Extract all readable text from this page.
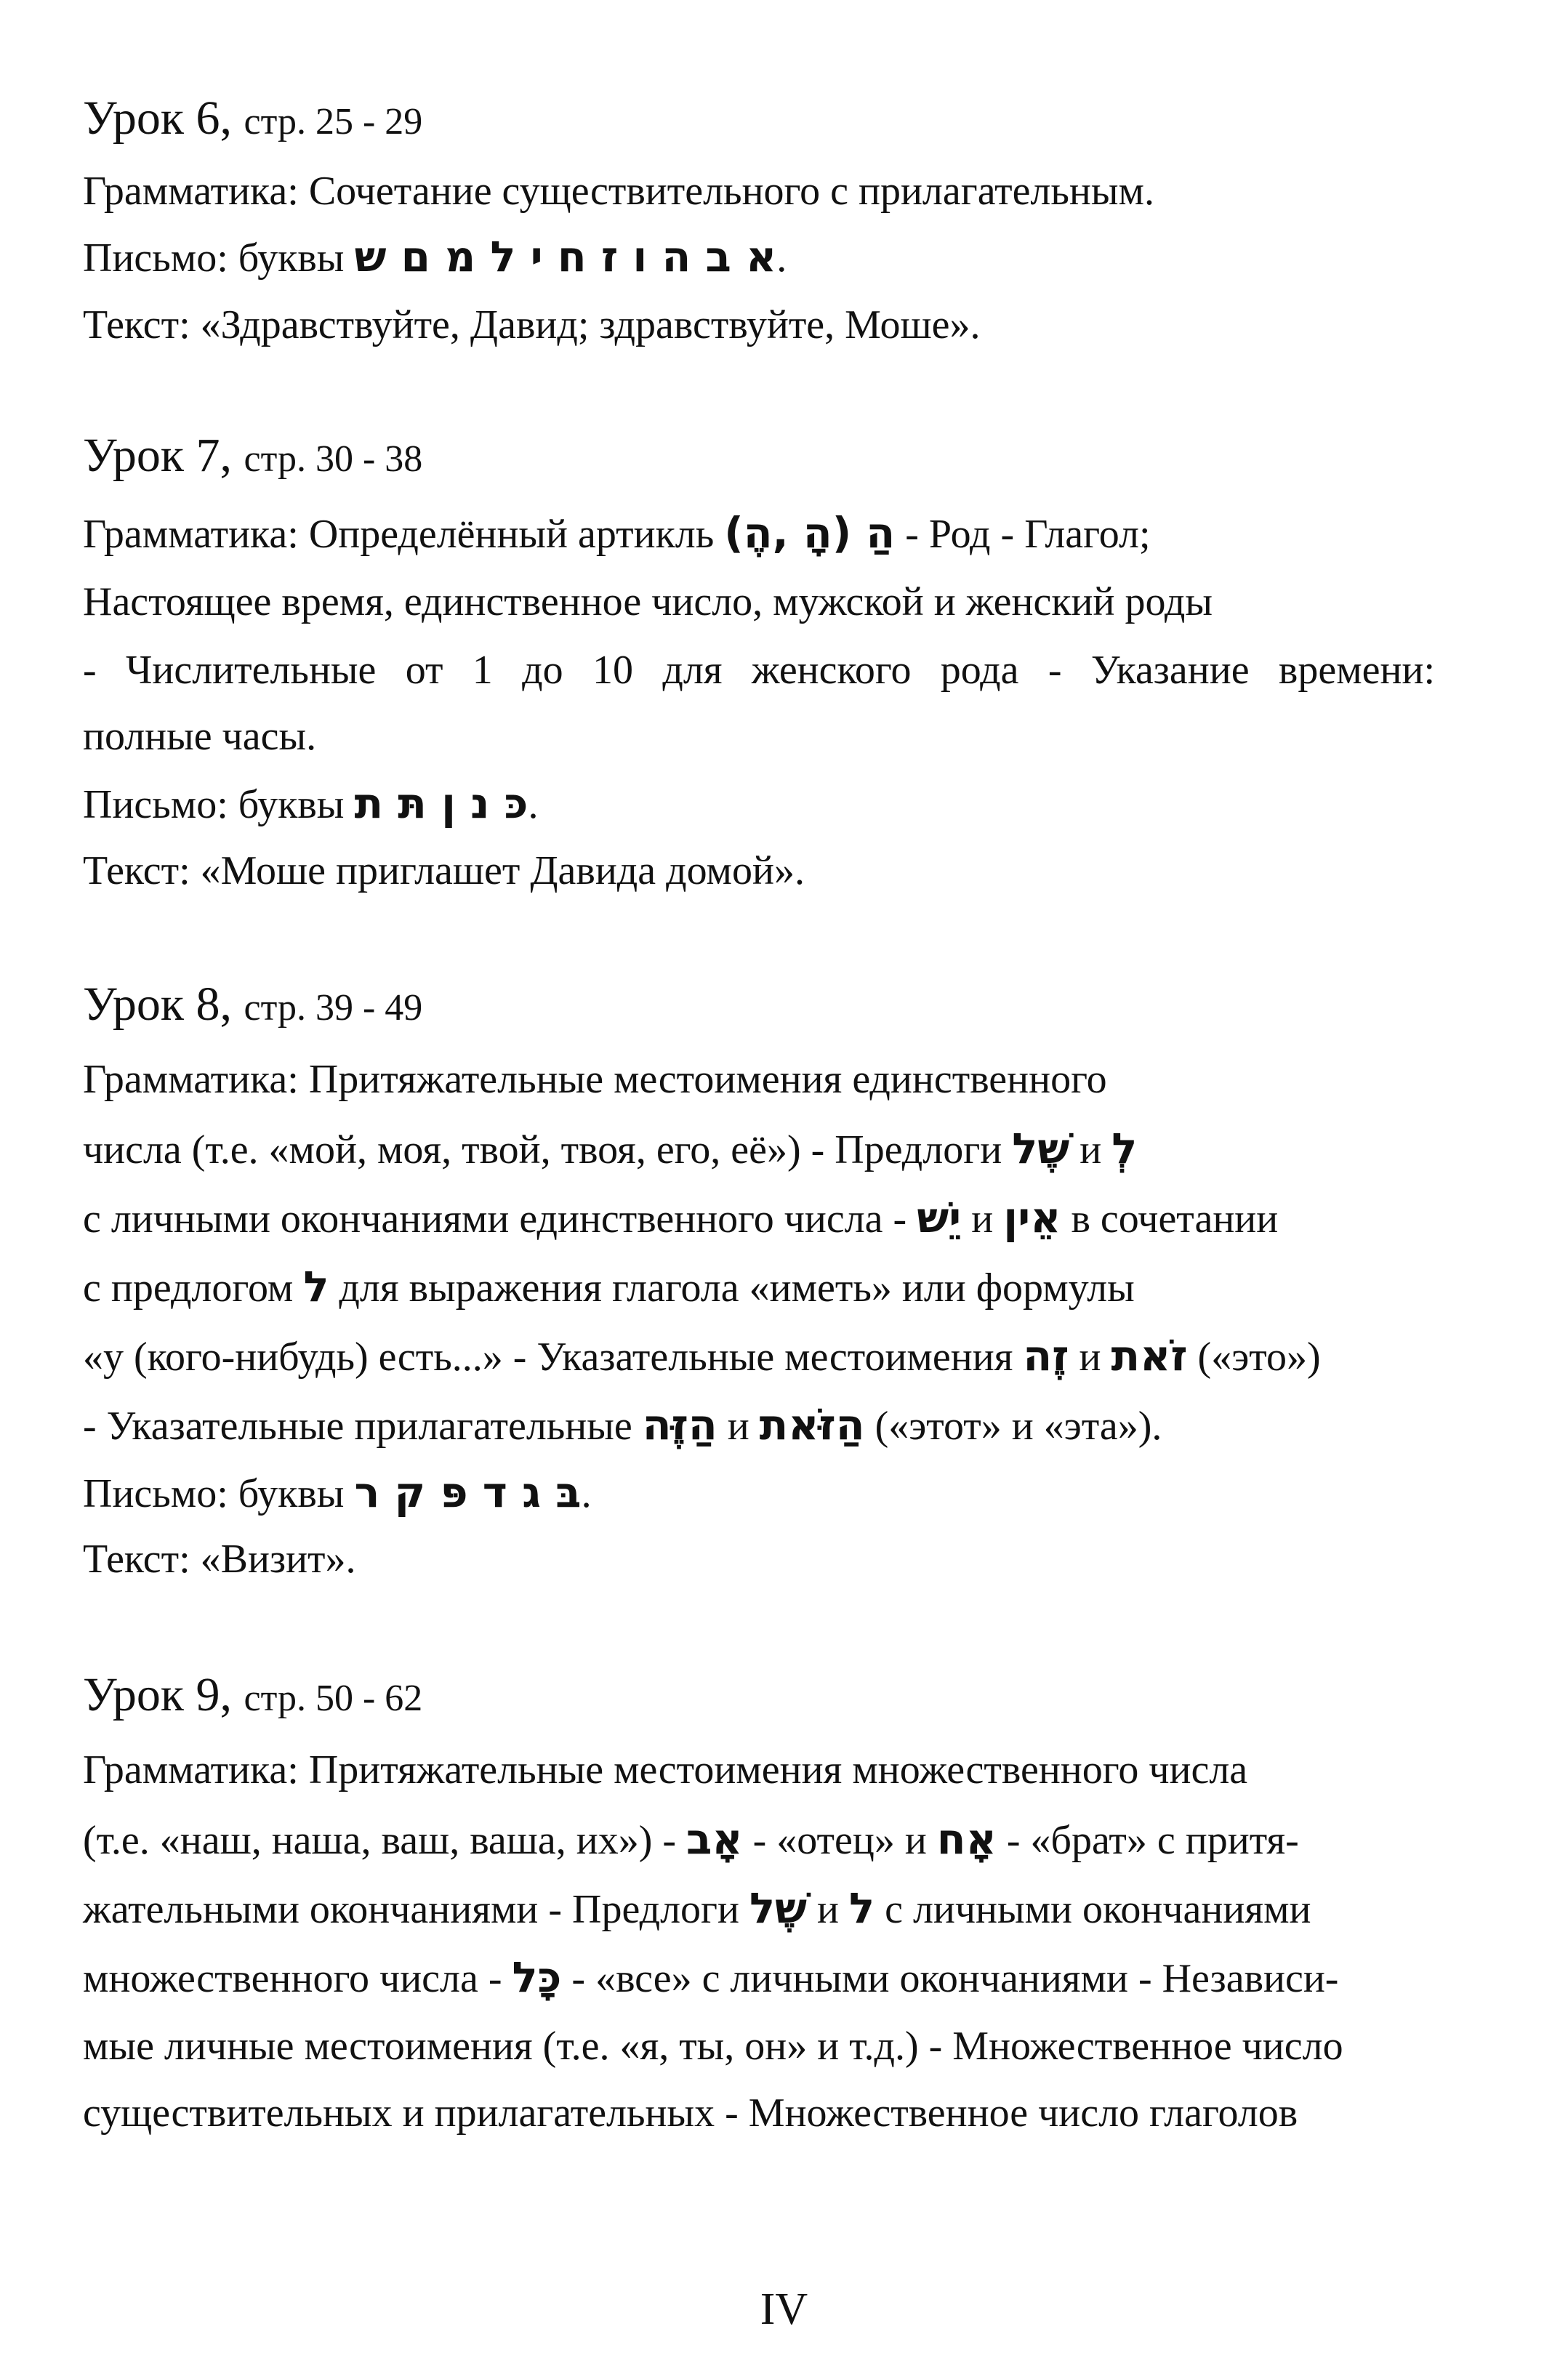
Урок 6, стр. 25 - 29
Грамматика: Сочетание существительного с прилагательным.
Письмо: буквы א ב ה ו ז ח י ל מ ם ש.
Текст: «Здравствуйте, Давид; здравствуйте, Моше».
Урок 7, стр. 30 - 38
Грамматика: Определённый артикль הַ (הָ ,הֶ) - Род - Глагол;
Настоящее время, единственное число, мужской и женский роды
- Числительные от 1 до 10 для женского рода - Указание времени:
полные часы.
Письмо: буквы כּ נ ן תּ ת.
Текст: «Моше приглашет Давида домой».
Урок 8, стр. 39 - 49
Грамматика: Притяжательные местоимения единственного
числа (т.е. «мой, моя, твой, твоя, его, её») - Предлоги שֶׁל и לְ
с личными окончаниями единственного числа - יֵשׁ и אֵין в сочетании
с предлогом ל для выражения глагола «иметь» или формулы
«у (кого-нибудь) есть...» - Указательные местоимения זֶה и זֹאת («это»)
- Указательные прилагательные הַזֶּה и הַזֹּאת («этот» и «эта»).
Письмо: буквы בּ ג ד פּ ק ר.
Текст: «Визит».
Урок 9, стр. 50 - 62
Грамматика: Притяжательные местоимения множественного числа
(т.е. «наш, наша, ваш, ваша, их») - אָב - «отец» и אָח - «брат» с притя-
жательными окончаниями - Предлоги שֶׁל и ל с личными окончаниями
множественного числа - כָּל - «все» с личными окончаниями - Независи-
мые личные местоимения (т.е. «я, ты, он» и т.д.) - Множественное число
существительных и прилагательных - Множественное число глаголов
IV
